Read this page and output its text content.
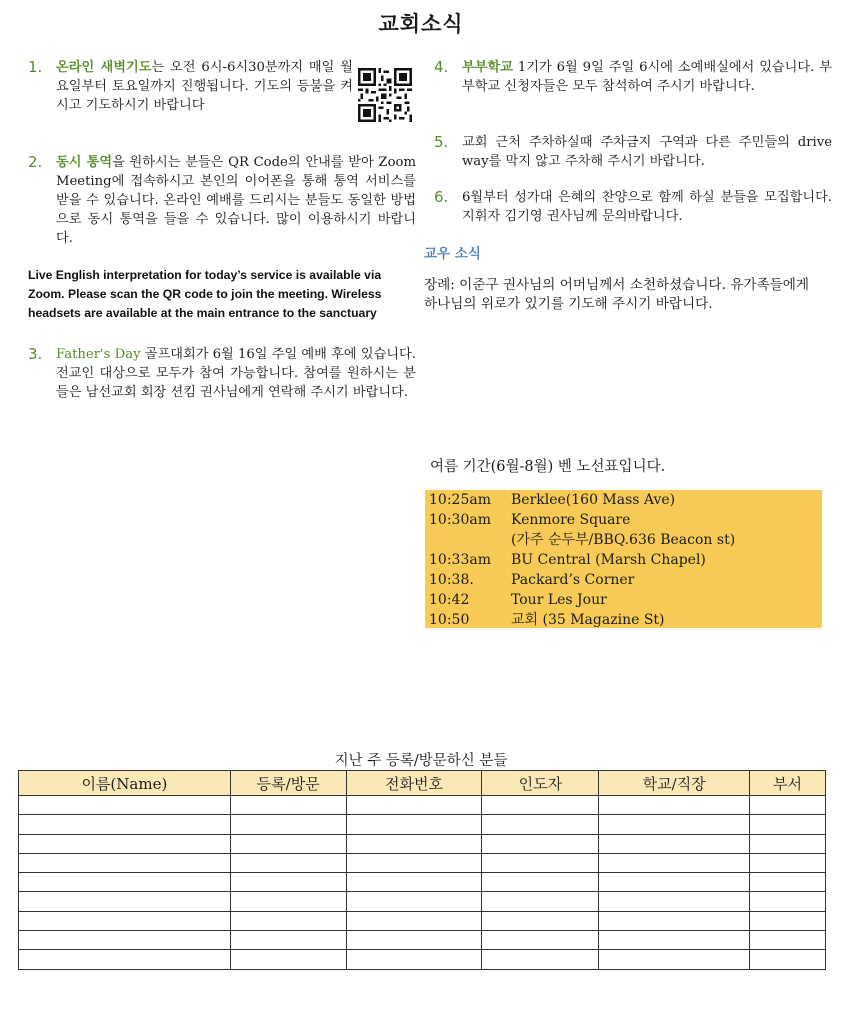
교회소식
1. 온라인 새벽기도는 오전 6시-6시30분까지 매일 월요일부터 토요일까지 진행됩니다. 기도의 등불을 켜시고 기도하시기 바랍니다
2. 동시 통역을 원하시는 분들은 QR Code의 안내를 받아 Zoom Meeting에 접속하시고 본인의 이어폰을 통해 통역 서비스를 받을 수 있습니다. 온라인 예배를 드리시는 분들도 동일한 방법으로 동시 통역을 들을 수 있습니다. 많이 이용하시기 바랍니다.
Live English interpretation for today’s service is available via Zoom. Please scan the QR code to join the meeting. Wireless headsets are available at the main entrance to the sanctuary
3. Father's Day 골프대회가 6월 16일 주일 예배 후에 있습니다. 전교인 대상으로 모두가 참여 가능합니다. 참여를 원하시는 분들은 남선교회 회장 션킴 권사님에게 연락해 주시기 바랍니다.
4. 부부학교 1기가 6월 9일 주일 6시에 소예배실에서 있습니다. 부부학교 신청자들은 모두 참석하여 주시기 바랍니다.
5. 교회 근처 주차하실때 주차금지 구역과 다른 주민들의 drive way를 막지 않고 주차해 주시기 바랍니다.
6. 6월부터 성가대 은혜의 찬양으로 함께 하실 분들을 모집합니다. 지휘자 김기영 권사님께 문의바랍니다.
교우 소식
장례: 이준구 권사님의 어머님께서 소천하셨습니다. 유가족들에게 하나님의 위로가 있기를 기도해 주시기 바랍니다.
여름 기간(6월-8월) 벤 노선표입니다.
10:25am Berklee(160 Mass Ave)
10:30am Kenmore Square
(가주 순두부/BBQ.636 Beacon st)
10:33am BU Central (Marsh Chapel)
10:38.	Packard’s Corner
10:42	Tour Les Jour
10:50	교회 (35 Magazine St)
지난 주 등록/방문하신 분들
이름(Name)	등록/방문	전화번호	인도자	학교/직장	부서
